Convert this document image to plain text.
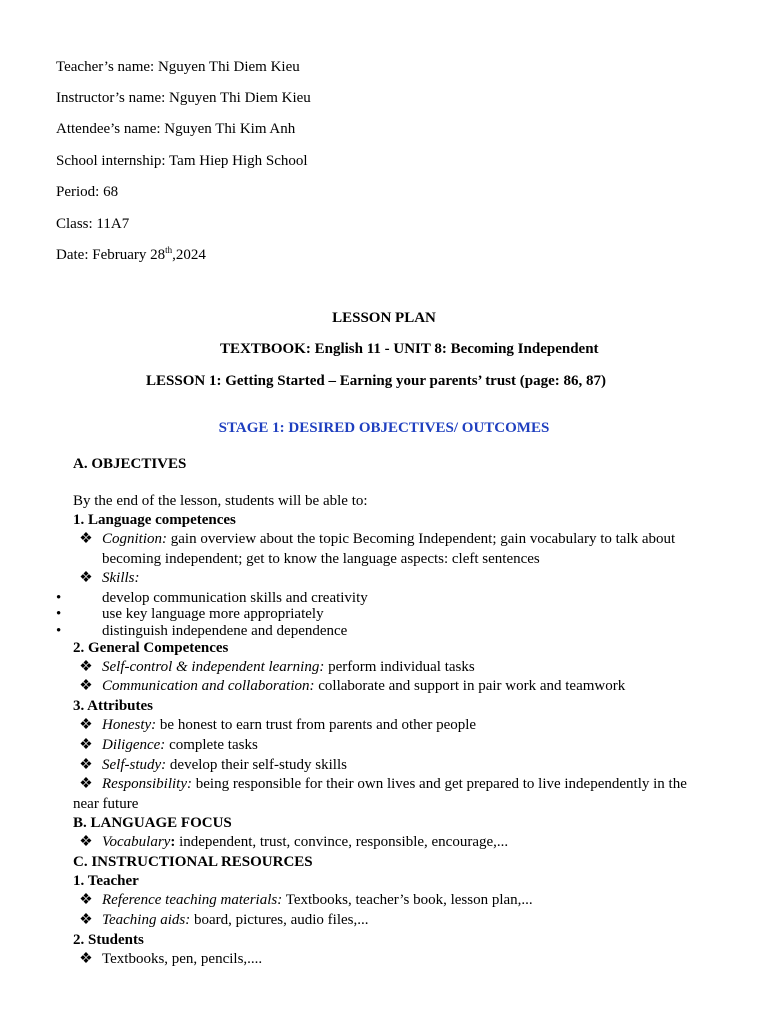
Teacher’s name: Nguyen Thi Diem Kieu
Instructor’s name: Nguyen Thi Diem Kieu
Attendee’s name: Nguyen Thi Kim Anh
School internship: Tam Hiep High School
Period: 68
Class: 11A7
Date: February 28th,2024
LESSON PLAN
TEXTBOOK: English 11 - UNIT 8: Becoming Independent
LESSON 1: Getting Started – Earning your parents’ trust (page: 86, 87)
STAGE 1: DESIRED OBJECTIVES/ OUTCOMES
A. OBJECTIVES
By the end of the lesson, students will be able to:
1. Language competences
❖ Cognition: gain overview about the topic Becoming Independent; gain vocabulary to talk about
becoming independent; get to know the language aspects: cleft sentences
❖ Skills:
•	develop communication skills and creativity
•	use key language more appropriately
•	distinguish independene and dependence
2. General Competences
❖ Self-control & independent learning: perform individual tasks
❖ Communication and collaboration: collaborate and support in pair work and teamwork
3. Attributes
❖ Honesty: be honest to earn trust from parents and other people
❖ Diligence: complete tasks
❖ Self-study: develop their self-study skills
❖ Responsibility: being responsible for their own lives and get prepared to live independently in the
near future
B. LANGUAGE FOCUS
❖ Vocabulary: independent, trust, convince, responsible, encourage,...
C. INSTRUCTIONAL RESOURCES
1. Teacher
❖ Reference teaching materials: Textbooks, teacher’s book, lesson plan,...
❖ Teaching aids: board, pictures, audio files,...
2. Students
❖ Textbooks, pen, pencils,....
